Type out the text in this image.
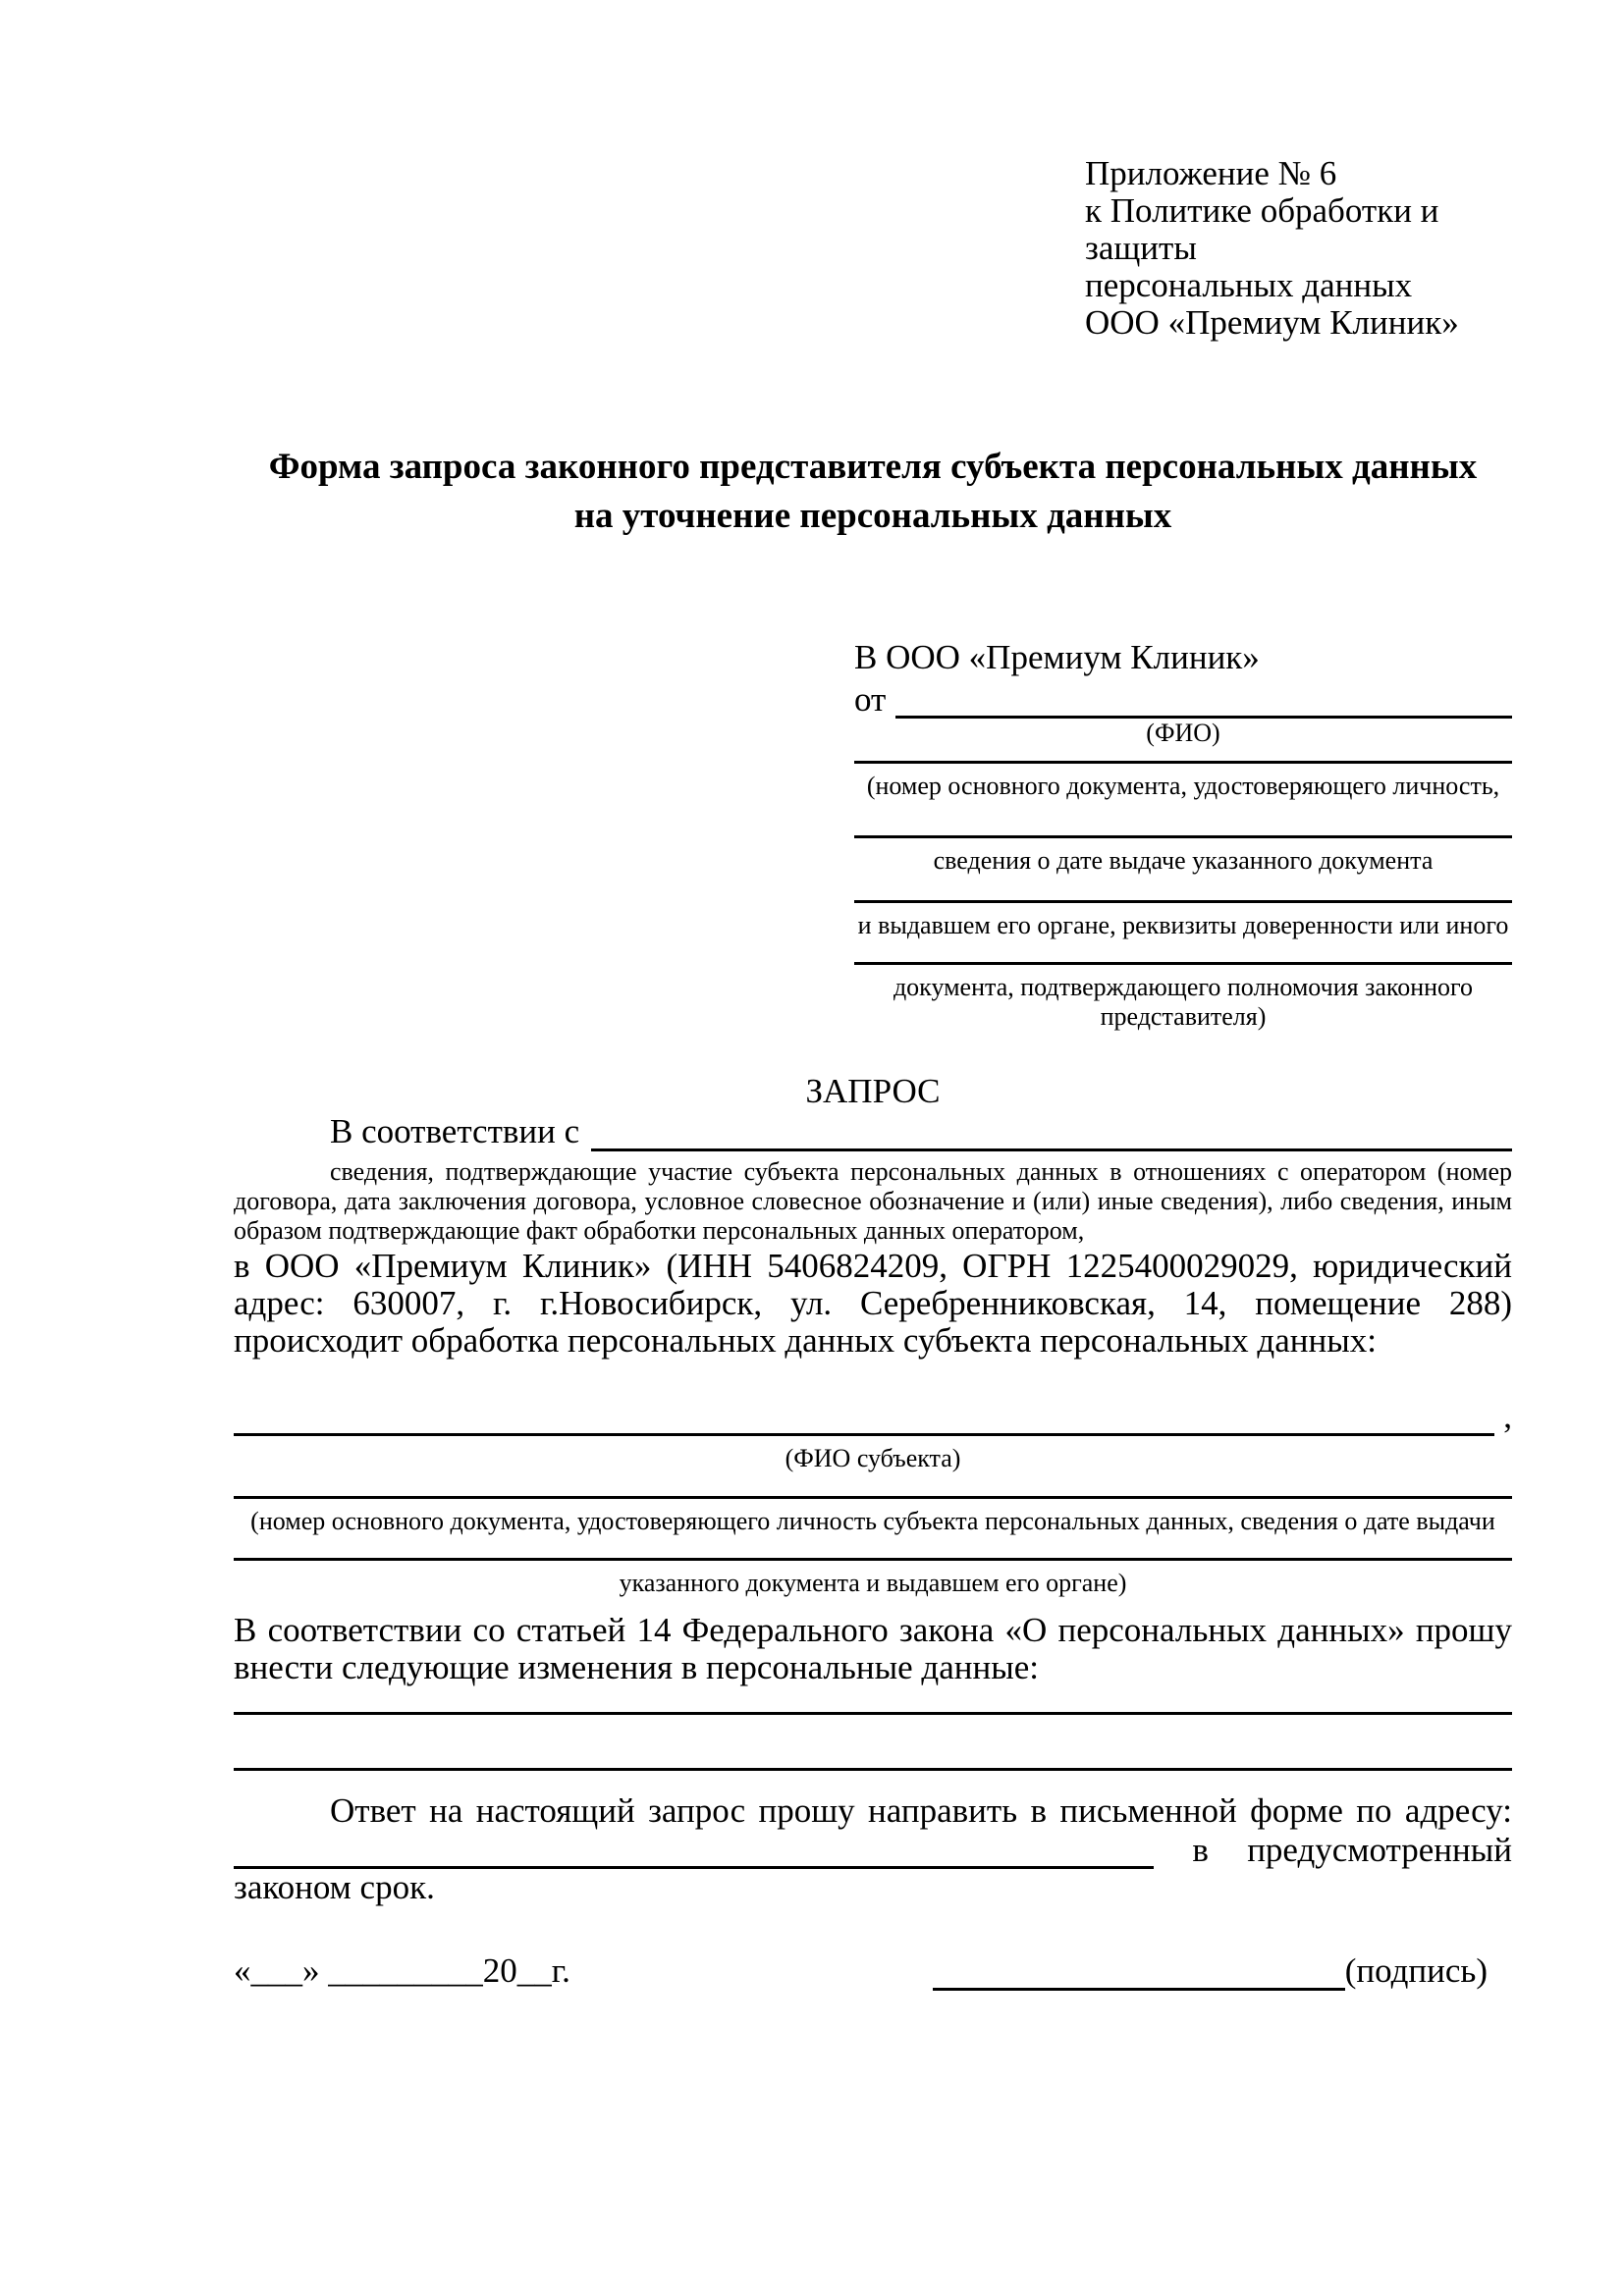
Приложение № 6
к Политике обработки и защиты
персональных данных
ООО «Премиум Клиник»
Форма запроса законного представителя субъекта персональных данных
на уточнение персональных данных
В ООО «Премиум Клиник»
от
(ФИО)
(номер основного документа, удостоверяющего личность,
сведения о дате выдаче указанного документа
и выдавшем его органе, реквизиты доверенности или иного
документа, подтверждающего полномочия законного представителя)
ЗАПРОС
В соответствии с
сведения, подтверждающие участие субъекта персональных данных в отношениях с оператором (номер договора, дата заключения договора, условное словесное обозначение и (или) иные сведения), либо сведения, иным образом подтверждающие факт обработки персональных данных оператором,
в ООО «Премиум Клиник» (ИНН 5406824209, ОГРН 1225400029029, юридический адрес: 630007, г. г.Новосибирск, ул. Серебренниковская, 14, помещение 288) происходит обработка персональных данных субъекта персональных данных:
,
(ФИО субъекта)
(номер основного документа, удостоверяющего личность субъекта персональных данных, сведения о дате выдачи
указанного документа и выдавшем его органе)
В соответствии со статьей 14 Федерального закона «О персональных данных» прошу внести следующие изменения в персональные данные:
Ответ на настоящий запрос прошу направить в письменной форме по адресу:
в предусмотренный
законом срок.
«___» _________20__г.	(подпись)
